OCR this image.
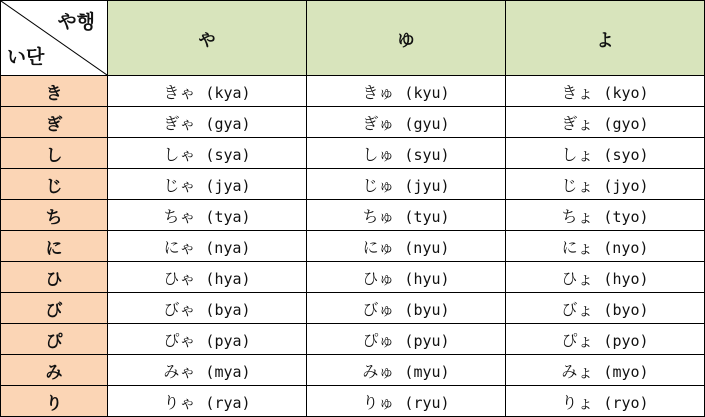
や행
い단	や	ゆ	よ
き	きゃ (kya)	きゅ (kyu)	きょ (kyo)
ぎ	ぎゃ (gya)	ぎゅ (gyu)	ぎょ (gyo)
し	しゃ (sya)	しゅ (syu)	しょ (syo)
じ	じゃ (jya)	じゅ (jyu)	じょ (jyo)
ち	ちゃ (tya)	ちゅ (tyu)	ちょ (tyo)
に	にゃ (nya)	にゅ (nyu)	にょ (nyo)
ひ	ひゃ (hya)	ひゅ (hyu)	ひょ (hyo)
び	びゃ (bya)	びゅ (byu)	びょ (byo)
ぴ	ぴゃ (pya)	ぴゅ (pyu)	ぴょ (pyo)
み	みゃ (mya)	みゅ (myu)	みょ (myo)
り	りゃ (rya)	りゅ (ryu)	りょ (ryo)
